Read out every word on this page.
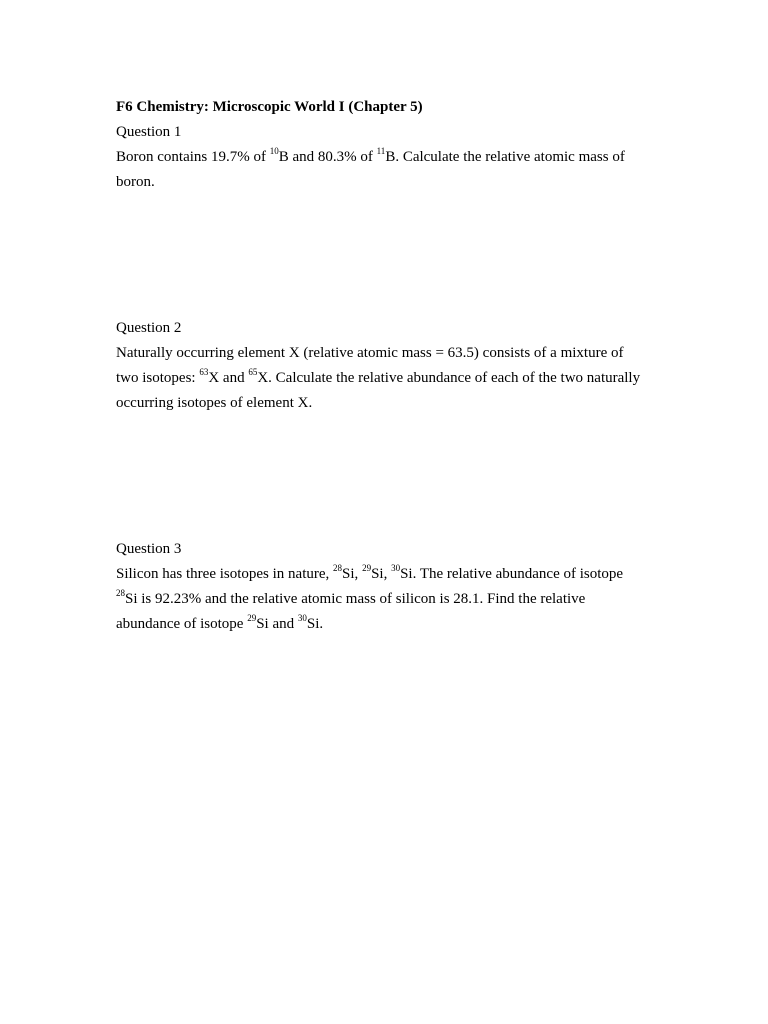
F6 Chemistry: Microscopic World I (Chapter 5)

Question 1

Boron contains 19.7% of $^{10}$B and 80.3% of $^{11}$B. Calculate the relative atomic mass of boron.

Question 2

Naturally occurring element X (relative atomic mass = 63.5) consists of a mixture of two isotopes: $^{63}$X and $^{65}$X. Calculate the relative abundance of each of the two naturally occurring isotopes of element X.

Question 3

Silicon has three isotopes in nature, $^{28}$Si, $^{29}$Si, $^{30}$Si. The relative abundance of isotope $^{28}$Si is 92.23% and the relative atomic mass of silicon is 28.1. Find the relative abundance of isotope $^{29}$Si and $^{30}$Si.
